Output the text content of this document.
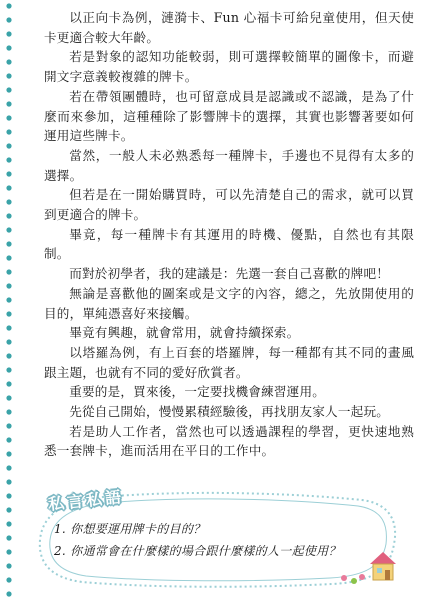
以正向卡為例，漣漪卡、Fun 心福卡可給兒童使用，但天使卡更適合較大年齡。

若是對象的認知功能較弱，則可選擇較簡單的圖像卡，而避開文字意義較複雜的牌卡。

若在帶領團體時，也可留意成員是認識或不認識，是為了什麼而來參加，這種種除了影響牌卡的選擇，其實也影響著要如何運用這些牌卡。

當然，一般人未必熟悉每一種牌卡，手邊也不見得有太多的選擇。

但若是在一開始購買時，可以先清楚自己的需求，就可以買到更適合的牌卡。

畢竟，每一種牌卡有其運用的時機、優點，自然也有其限制。

而對於初學者，我的建議是：先選一套自己喜歡的牌吧！

無論是喜歡他的圖案或是文字的內容，總之，先放開使用的目的，單純憑喜好來接觸。

畢竟有興趣，就會常用，就會持續探索。

以塔羅為例，有上百套的塔羅牌，每一種都有其不同的畫風跟主題，也就有不同的愛好欣賞者。

重要的是，買來後，一定要找機會練習運用。

先從自己開始，慢慢累積經驗後，再找朋友家人一起玩。

若是助人工作者，當然也可以透過課程的學習，更快速地熟悉一套牌卡，進而活用在平日的工作中。

私言私語
1. 你想要運用牌卡的目的？
2. 你通常會在什麼樣的場合跟什麼樣的人一起使用？
